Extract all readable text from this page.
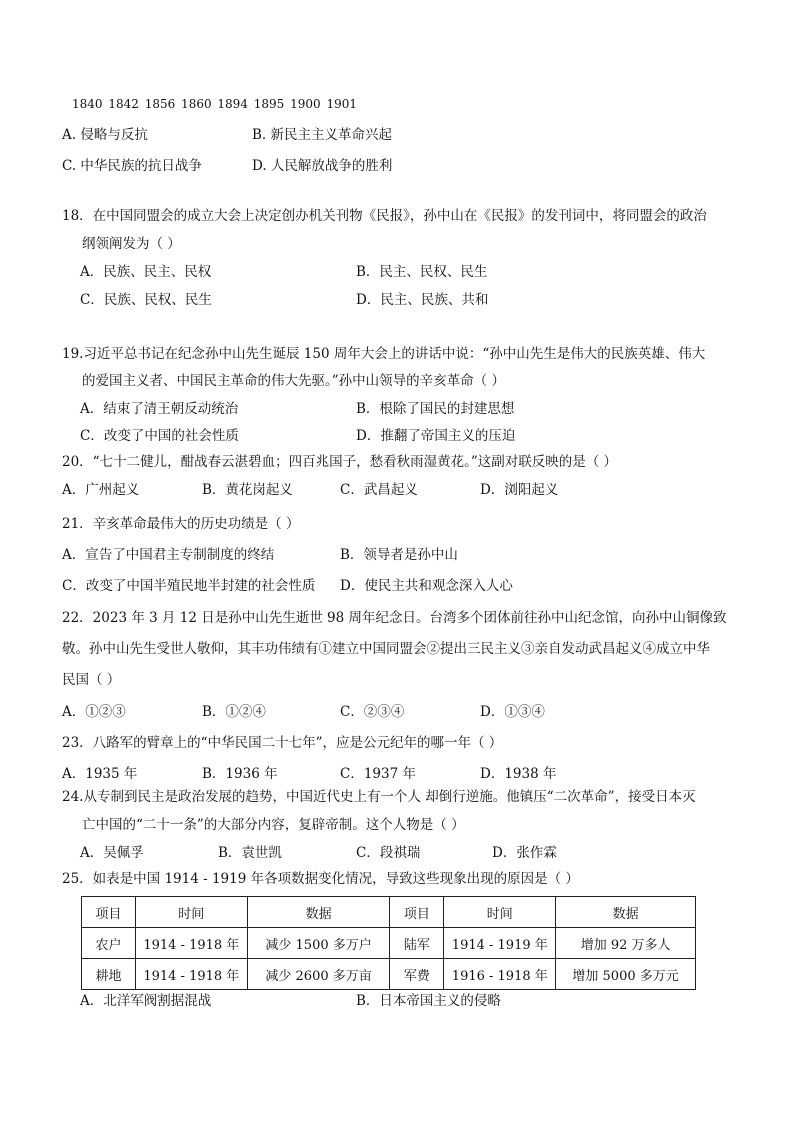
1840 1842 1856 1860 1894 1895 1900 1901
A. 侵略与反抗	B. 新民主主义革命兴起
C. 中华民族的抗日战争	D. 人民解放战争的胜利
18．在中国同盟会的成立大会上决定创办机关刊物《民报》，孙中山在《民报》的发刊词中，将同盟会的政治
纲领阐发为（ ）
A．民族、民主、民权	B．民主、民权、民生
C．民族、民权、民生	D．民主、民族、共和
19.习近平总书记在纪念孙中山先生诞辰 150 周年大会上的讲话中说：“孙中山先生是伟大的民族英雄、伟大
的爱国主义者、中国民主革命的伟大先驱。”孙中山领导的辛亥革命（ ）
A．结束了清王朝反动统治	B．根除了国民的封建思想
C．改变了中国的社会性质	D．推翻了帝国主义的压迫
20．“七十二健儿，酣战春云湛碧血；四百兆国子，愁看秋雨湿黄花。”这副对联反映的是（ ）
A．广州起义	B．黄花岗起义	C．武昌起义	D．浏阳起义
21．辛亥革命最伟大的历史功绩是（ ）
A．宣告了中国君主专制制度的终结	B．领导者是孙中山
C．改变了中国半殖民地半封建的社会性质 D．使民主共和观念深入人心
22．2023 年 3 月 12 日是孙中山先生逝世 98 周年纪念日。台湾多个团体前往孙中山纪念馆，向孙中山铜像致
敬。孙中山先生受世人敬仰，其丰功伟绩有①建立中国同盟会②提出三民主义③亲自发动武昌起义④成立中华
民国（ ）
A．①②③	B．①②④	C．②③④	D．①③④
23．八路军的臂章上的“中华民国二十七年”，应是公元纪年的哪一年（ ）
A．1935 年	B．1936 年	C．1937 年	D．1938 年
24.从专制到民主是政治发展的趋势，中国近代史上有一个人 却倒行逆施。他镇压“二次革命”，接受日本灭
亡中国的“二十一条”的大部分内容，复辟帝制。这个人物是（ ）
A．吴佩孚	B．袁世凯	C．段祺瑞	D．张作霖
25．如表是中国 1914 - 1919 年各项数据变化情况，导致这些现象出现的原因是（ ）
项目	时间	数据	项目	时间	数据
农户	1914 - 1918 年	减少 1500 多万户	陆军	1914 - 1919 年	增加 92 万多人
耕地	1914 - 1918 年	减少 2600 多万亩	军费	1916 - 1918 年	增加 5000 多万元
A．北洋军阀割据混战	B．日本帝国主义的侵略
